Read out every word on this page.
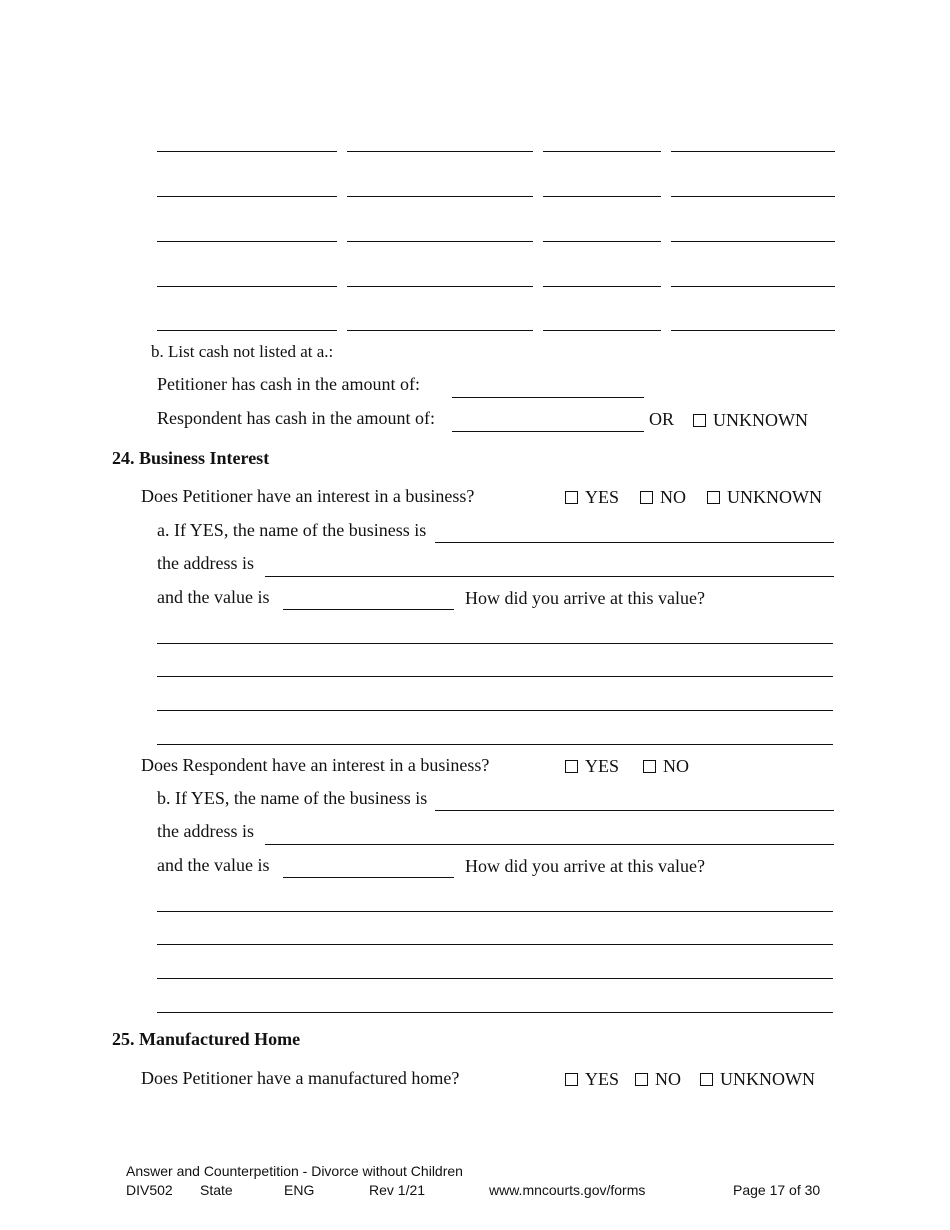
b. List cash not listed at a.:
Petitioner has cash in the amount of:
Respondent has cash in the amount of:	OR UNKNOWN
24. Business Interest
Does Petitioner have an interest in a business?	YES NO UNKNOWN
a. If YES, the name of the business is
the address is
and the value is	How did you arrive at this value?
Does Respondent have an interest in a business?	YES NO
b. If YES, the name of the business is
the address is
and the value is	How did you arrive at this value?
25. Manufactured Home
Does Petitioner have a manufactured home?	YES NO UNKNOWN
Answer and Counterpetition - Divorce without Children
DIV502 State	ENG	Rev 1/21	www.mncourts.gov/forms	Page 17 of 30
